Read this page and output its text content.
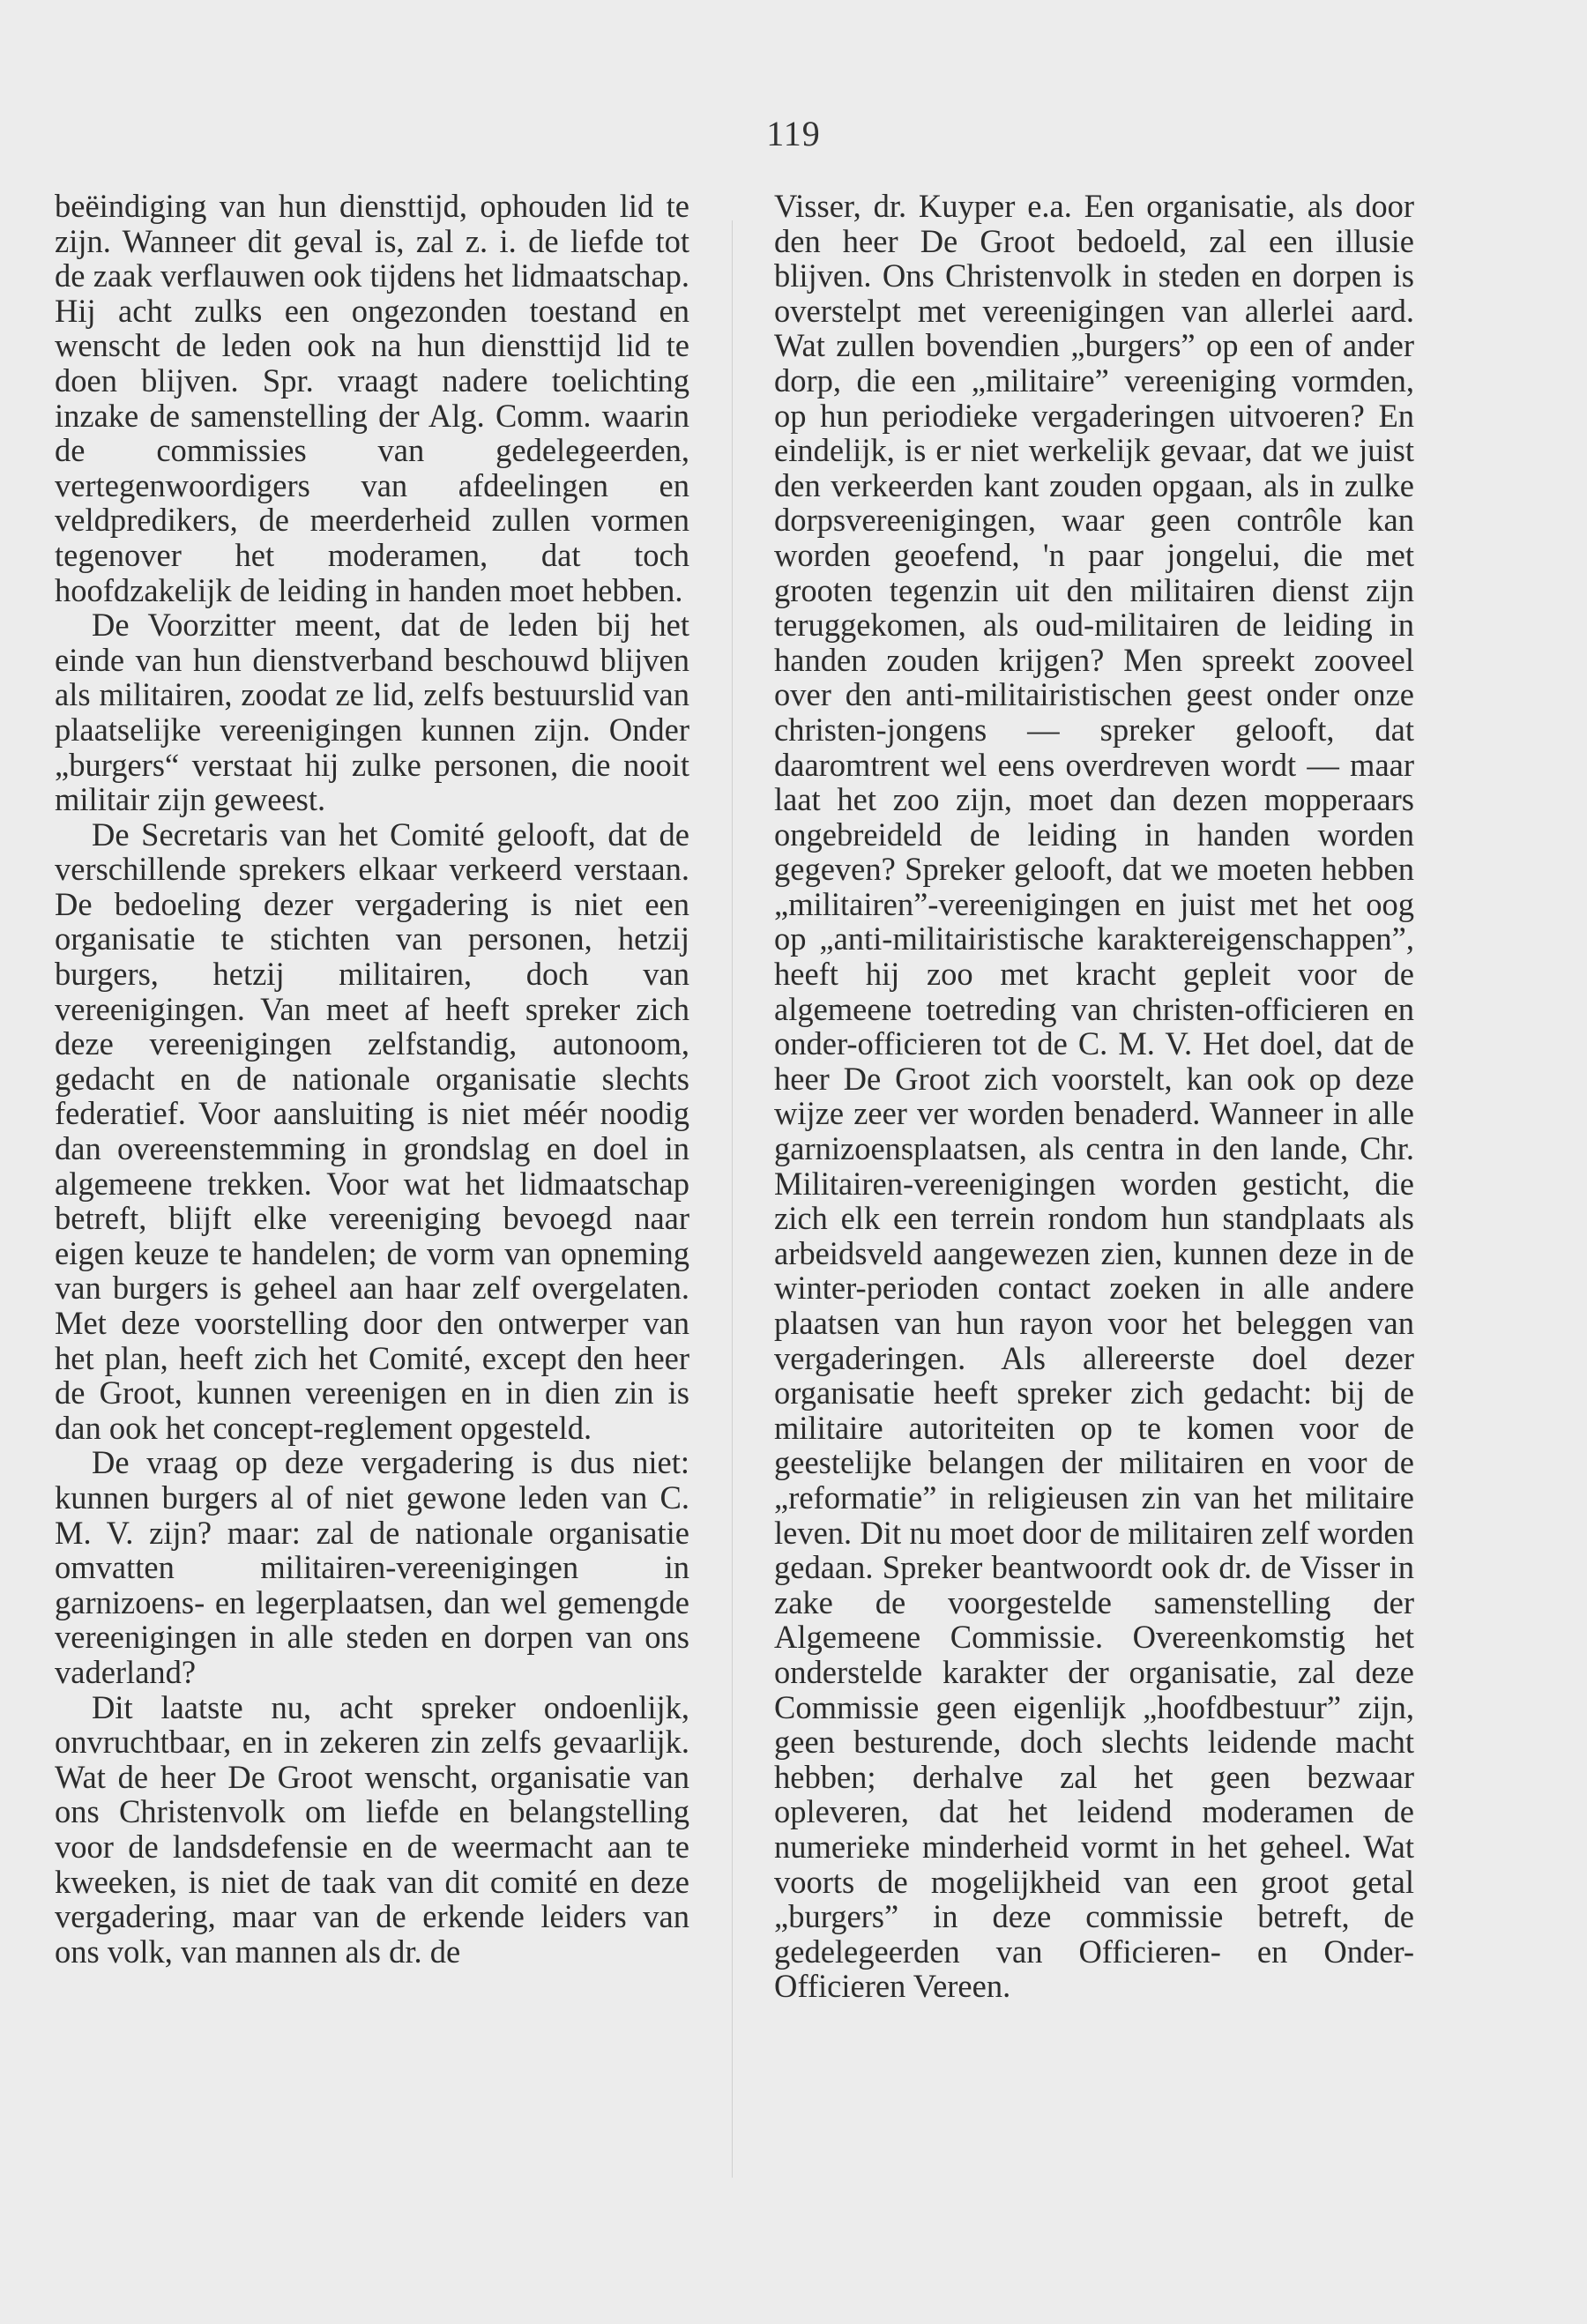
119

beëindiging van hun diensttijd, ophouden lid te zijn. Wanneer dit geval is, zal z. i. de liefde tot de zaak verflauwen ook tijdens het lidmaatschap. Hij acht zulks een ongezonden toestand en wenscht de leden ook na hun diensttijd lid te doen blijven. Spr. vraagt nadere toelichting inzake de samenstelling der Alg. Comm. waarin de commissies van gedelegeerden, vertegenwoordigers van afdeelingen en veldpredikers, de meerderheid zullen vormen tegenover het moderamen, dat toch hoofdzakelijk de leiding in handen moet hebben.

De Voorzitter meent, dat de leden bij het einde van hun dienstverband beschouwd blijven als militairen, zoodat ze lid, zelfs bestuurslid van plaatselijke vereenigingen kunnen zijn. Onder „burgers“ verstaat hij zulke personen, die nooit militair zijn geweest.

De Secretaris van het Comité gelooft, dat de verschillende sprekers elkaar verkeerd verstaan. De bedoeling dezer vergadering is niet een organisatie te stichten van personen, hetzij burgers, hetzij militairen, doch van vereenigingen. Van meet af heeft spreker zich deze vereenigingen zelfstandig, autonoom, gedacht en de nationale organisatie slechts federatief. Voor aansluiting is niet méér noodig dan overeenstemming in grondslag en doel in algemeene trekken. Voor wat het lidmaatschap betreft, blijft elke vereeniging bevoegd naar eigen keuze te handelen; de vorm van opneming van burgers is geheel aan haar zelf overgelaten. Met deze voorstelling door den ontwerper van het plan, heeft zich het Comité, except den heer de Groot, kunnen vereenigen en in dien zin is dan ook het concept-reglement opgesteld.

De vraag op deze vergadering is dus niet: kunnen burgers al of niet gewone leden van C. M. V. zijn? maar: zal de nationale organisatie omvatten militairen-vereenigingen in garnizoens- en legerplaatsen, dan wel gemengde vereenigingen in alle steden en dorpen van ons vaderland?

Dit laatste nu, acht spreker ondoenlijk, onvruchtbaar, en in zekeren zin zelfs gevaarlijk. Wat de heer De Groot wenscht, organisatie van ons Christenvolk om liefde en belangstelling voor de landsdefensie en de weermacht aan te kweeken, is niet de taak van dit comité en deze vergadering, maar van de erkende leiders van ons volk, van mannen als dr. de

Visser, dr. Kuyper e.a. Een organisatie, als door den heer De Groot bedoeld, zal een illusie blijven. Ons Christenvolk in steden en dorpen is overstelpt met vereenigingen van allerlei aard. Wat zullen bovendien „burgers” op een of ander dorp, die een „militaire” vereeniging vormden, op hun periodieke vergaderingen uitvoeren? En eindelijk, is er niet werkelijk gevaar, dat we juist den verkeerden kant zouden opgaan, als in zulke dorpsvereenigingen, waar geen contrôle kan worden geoefend, 'n paar jongelui, die met grooten tegenzin uit den militairen dienst zijn teruggekomen, als oud-militairen de leiding in handen zouden krijgen? Men spreekt zooveel over den anti-militairistischen geest onder onze christen-jongens — spreker gelooft, dat daaromtrent wel eens overdreven wordt — maar laat het zoo zijn, moet dan dezen mopperaars ongebreideld de leiding in handen worden gegeven? Spreker gelooft, dat we moeten hebben „militairen”-vereenigingen en juist met het oog op „anti-militairistische karaktereigenschappen”, heeft hij zoo met kracht gepleit voor de algemeene toetreding van christen-officieren en onder-officieren tot de C. M. V. Het doel, dat de heer De Groot zich voorstelt, kan ook op deze wijze zeer ver worden benaderd. Wanneer in alle garnizoensplaatsen, als centra in den lande, Chr. Militairen-vereenigingen worden gesticht, die zich elk een terrein rondom hun standplaats als arbeidsveld aangewezen zien, kunnen deze in de winter-perioden contact zoeken in alle andere plaatsen van hun rayon voor het beleggen van vergaderingen. Als allereerste doel dezer organisatie heeft spreker zich gedacht: bij de militaire autoriteiten op te komen voor de geestelijke belangen der militairen en voor de „reformatie” in religieusen zin van het militaire leven. Dit nu moet door de militairen zelf worden gedaan. Spreker beantwoordt ook dr. de Visser in zake de voorgestelde samenstelling der Algemeene Commissie. Overeenkomstig het onderstelde karakter der organisatie, zal deze Commissie geen eigenlijk „hoofdbestuur” zijn, geen besturende, doch slechts leidende macht hebben; derhalve zal het geen bezwaar opleveren, dat het leidend moderamen de numerieke minderheid vormt in het geheel. Wat voorts de mogelijkheid van een groot getal „burgers” in deze commissie betreft, de gedelegeerden van Officieren- en Onder-Officieren Vereen.
